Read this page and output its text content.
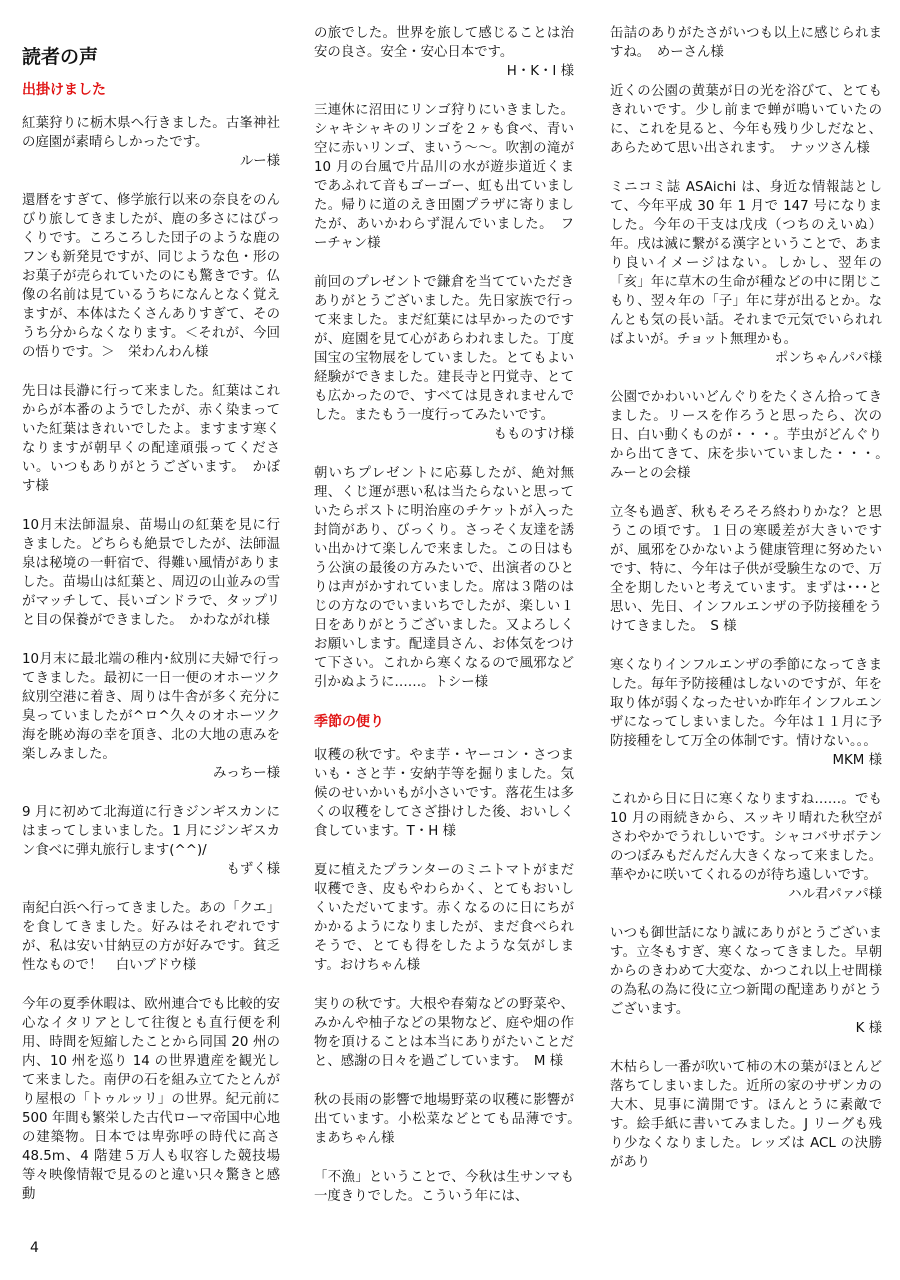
読者の声
出掛けました
紅葉狩りに栃木県へ行きました。古峯神社の庭園が素晴らしかったです。
ルー様
還暦をすぎて、修学旅行以来の奈良をのんびり旅してきましたが、鹿の多さにはびっくりです。ころころした団子のような鹿のフンも新発見ですが、同じような色・形のお菓子が売られていたのにも驚きです。仏像の名前は見ているうちになんとなく覚えますが、本体はたくさんありすぎて、そのうち分からなくなります。＜それが、今回の悟りです。＞　栄わんわん様
先日は長瀞に行って来ました。紅葉はこれからが本番のようでしたが、赤く染まっていた紅葉はきれいでしたよ。ますます寒くなりますが朝早くの配達頑張ってください。いつもありがとうございます。　かぼす様
10月末法師温泉、苗場山の紅葉を見に行きました。どちらも絶景でしたが、法師温泉は秘境の一軒宿で、得難い風情がありました。苗場山は紅葉と、周辺の山並みの雪がマッチして、長いゴンドラで、タップリと目の保養ができました。　かわながれ様
10月末に最北端の稚内･紋別に夫婦で行ってきました。最初に一日一便のオホーツク紋別空港に着き、周りは牛舎が多く充分に臭っていましたが^ロ^久々のオホーツク海を眺め海の幸を頂き、北の大地の恵みを楽しみました。
みっちー様
9 月に初めて北海道に行きジンギスカンにはまってしまいました。1 月にジンギスカン食べに弾丸旅行します(^^)/
もずく様
南紀白浜へ行ってきました。あの「クエ」を食してきました。好みはそれぞれですが、私は安い甘納豆の方が好みです。貧乏性なもので！　白いブドウ様
今年の夏季休暇は、欧州連合でも比較的安心なイタリアとして往復とも直行便を利用、時間を短縮したことから同国 20 州の内、10 州を巡り 14 の世界遺産を観光して来ました。南伊の石を組み立てたとんがり屋根の「トゥルッリ」の世界。紀元前に 500 年間も繁栄した古代ローマ帝国中心地の建築物。日本では卑弥呼の時代に高さ 48.5m、4 階建５万人も収容した競技場等々映像情報で見るのと違い只々驚きと感動
の旅でした。世界を旅して感じることは治安の良さ。安全・安心日本です。
H・K・I 様
三連休に沼田にリンゴ狩りにいきました。シャキシャキのリンゴを２ヶも食べ、青い空に赤いリンゴ、まいう～～。吹割の滝が 10 月の台風で片品川の水が遊歩道近くまであふれて音もゴーゴー、虹も出ていました。帰りに道のえき田園プラザに寄りましたが、あいかわらず混んでいました。　フーチャン様
前回のプレゼントで鎌倉を当てていただきありがとうございました。先日家族で行って来ました。まだ紅葉には早かったのですが、庭園を見て心があらわれました。丁度国宝の宝物展をしていました。とてもよい経験ができました。建長寺と円覚寺、とても広かったので、すべては見きれませんでした。またもう一度行ってみたいです。
もものすけ様
朝いちプレゼントに応募したが、絶対無理、くじ運が悪い私は当たらないと思っていたらポストに明治座のチケットが入った封筒があり、びっくり。さっそく友達を誘い出かけて楽しんで来ました。この日はもう公演の最後の方みたいで、出演者のひとりは声がかすれていました。席は３階のはじの方なのでいまいちでしたが、楽しい１日をありがとうございました。又よろしくお願いします。配達員さん、お体気をつけて下さい。これから寒くなるので風邪など引かぬように……。トシー様
季節の便り
収穫の秋です。やま芋・ヤーコン・さつまいも・さと芋・安納芋等を掘りました。気候のせいかいもが小さいです。落花生は多くの収穫をしてさざ掛けした後、おいしく食しています。T・H 様
夏に植えたプランターのミニトマトがまだ収穫でき、皮もやわらかく、とてもおいしくいただいてます。赤くなるのに日にちがかかるようになりましたが、まだ食べられそうで、とても得をしたような気がします。おけちゃん様
実りの秋です。大根や春菊などの野菜や、みかんや柚子などの果物など、庭や畑の作物を頂けることは本当にありがたいことだと、感謝の日々を過ごしています。　M 様
秋の長雨の影響で地場野菜の収穫に影響が出ています。小松菜などとても品薄です。　まあちゃん様
「不漁」ということで、今秋は生サンマも一度きりでした。こういう年には、
缶詰のありがたさがいつも以上に感じられますね。　めーさん様
近くの公園の黄葉が日の光を浴びて、とてもきれいです。少し前まで蝉が鳴いていたのに、これを見ると、今年も残り少しだなと、あらためて思い出されます。　ナッツさん様
ミニコミ誌 ASAichi は、身近な情報誌として、今年平成 30 年 1 月で 147 号になりました。今年の干支は戊戌（つちのえいぬ）年。戌は滅に繋がる漢字ということで、あまり良いイメージはない。しかし、翌年の「亥」年に草木の生命が種などの中に閉じこもり、翌々年の「子」年に芽が出るとか。なんとも気の長い話。それまで元気でいられればよいが。チョット無理かも。
ポンちゃんパパ様
公園でかわいいどんぐりをたくさん拾ってきました。リースを作ろうと思ったら、次の日、白い動くものが・・・。芋虫がどんぐりから出てきて、床を歩いていました・・・。　みーとの会様
立冬も過ぎ、秋もそろそろ終わりかな？と思うこの頃です。１日の寒暖差が大きいですが、風邪をひかないよう健康管理に努めたいです、特に、今年は子供が受験生なので、万全を期したいと考えています。まずは･･･と思い、先日、インフルエンザの予防接種をうけてきました。　S 様
寒くなりインフルエンザの季節になってきました。毎年予防接種はしないのですが、年を取り体が弱くなったせいか昨年インフルエンザになってしまいました。今年は１１月に予防接種をして万全の体制です。情けない。。。
MKM 様
これから日に日に寒くなりますね……。でも 10 月の雨続きから、スッキリ晴れた秋空がさわやかでうれしいです。シャコバサボテンのつぼみもだんだん大きくなって来ました。華やかに咲いてくれるのが待ち遠しいです。
ハル君パァパ様
いつも御世話になり誠にありがとうございます。立冬もすぎ、寒くなってきました。早朝からのきわめて大変な、かつこれ以上せ間様の為私の為に役に立つ新聞の配達ありがとうございます。
K 様
木枯らし一番が吹いて柿の木の葉がほとんど落ちてしまいました。近所の家のサザンカの大木、見事に満開です。ほんとうに素敵です。絵手紙に書いてみました。J リーグも残り少なくなりました。レッズは ACL の決勝があり
4
